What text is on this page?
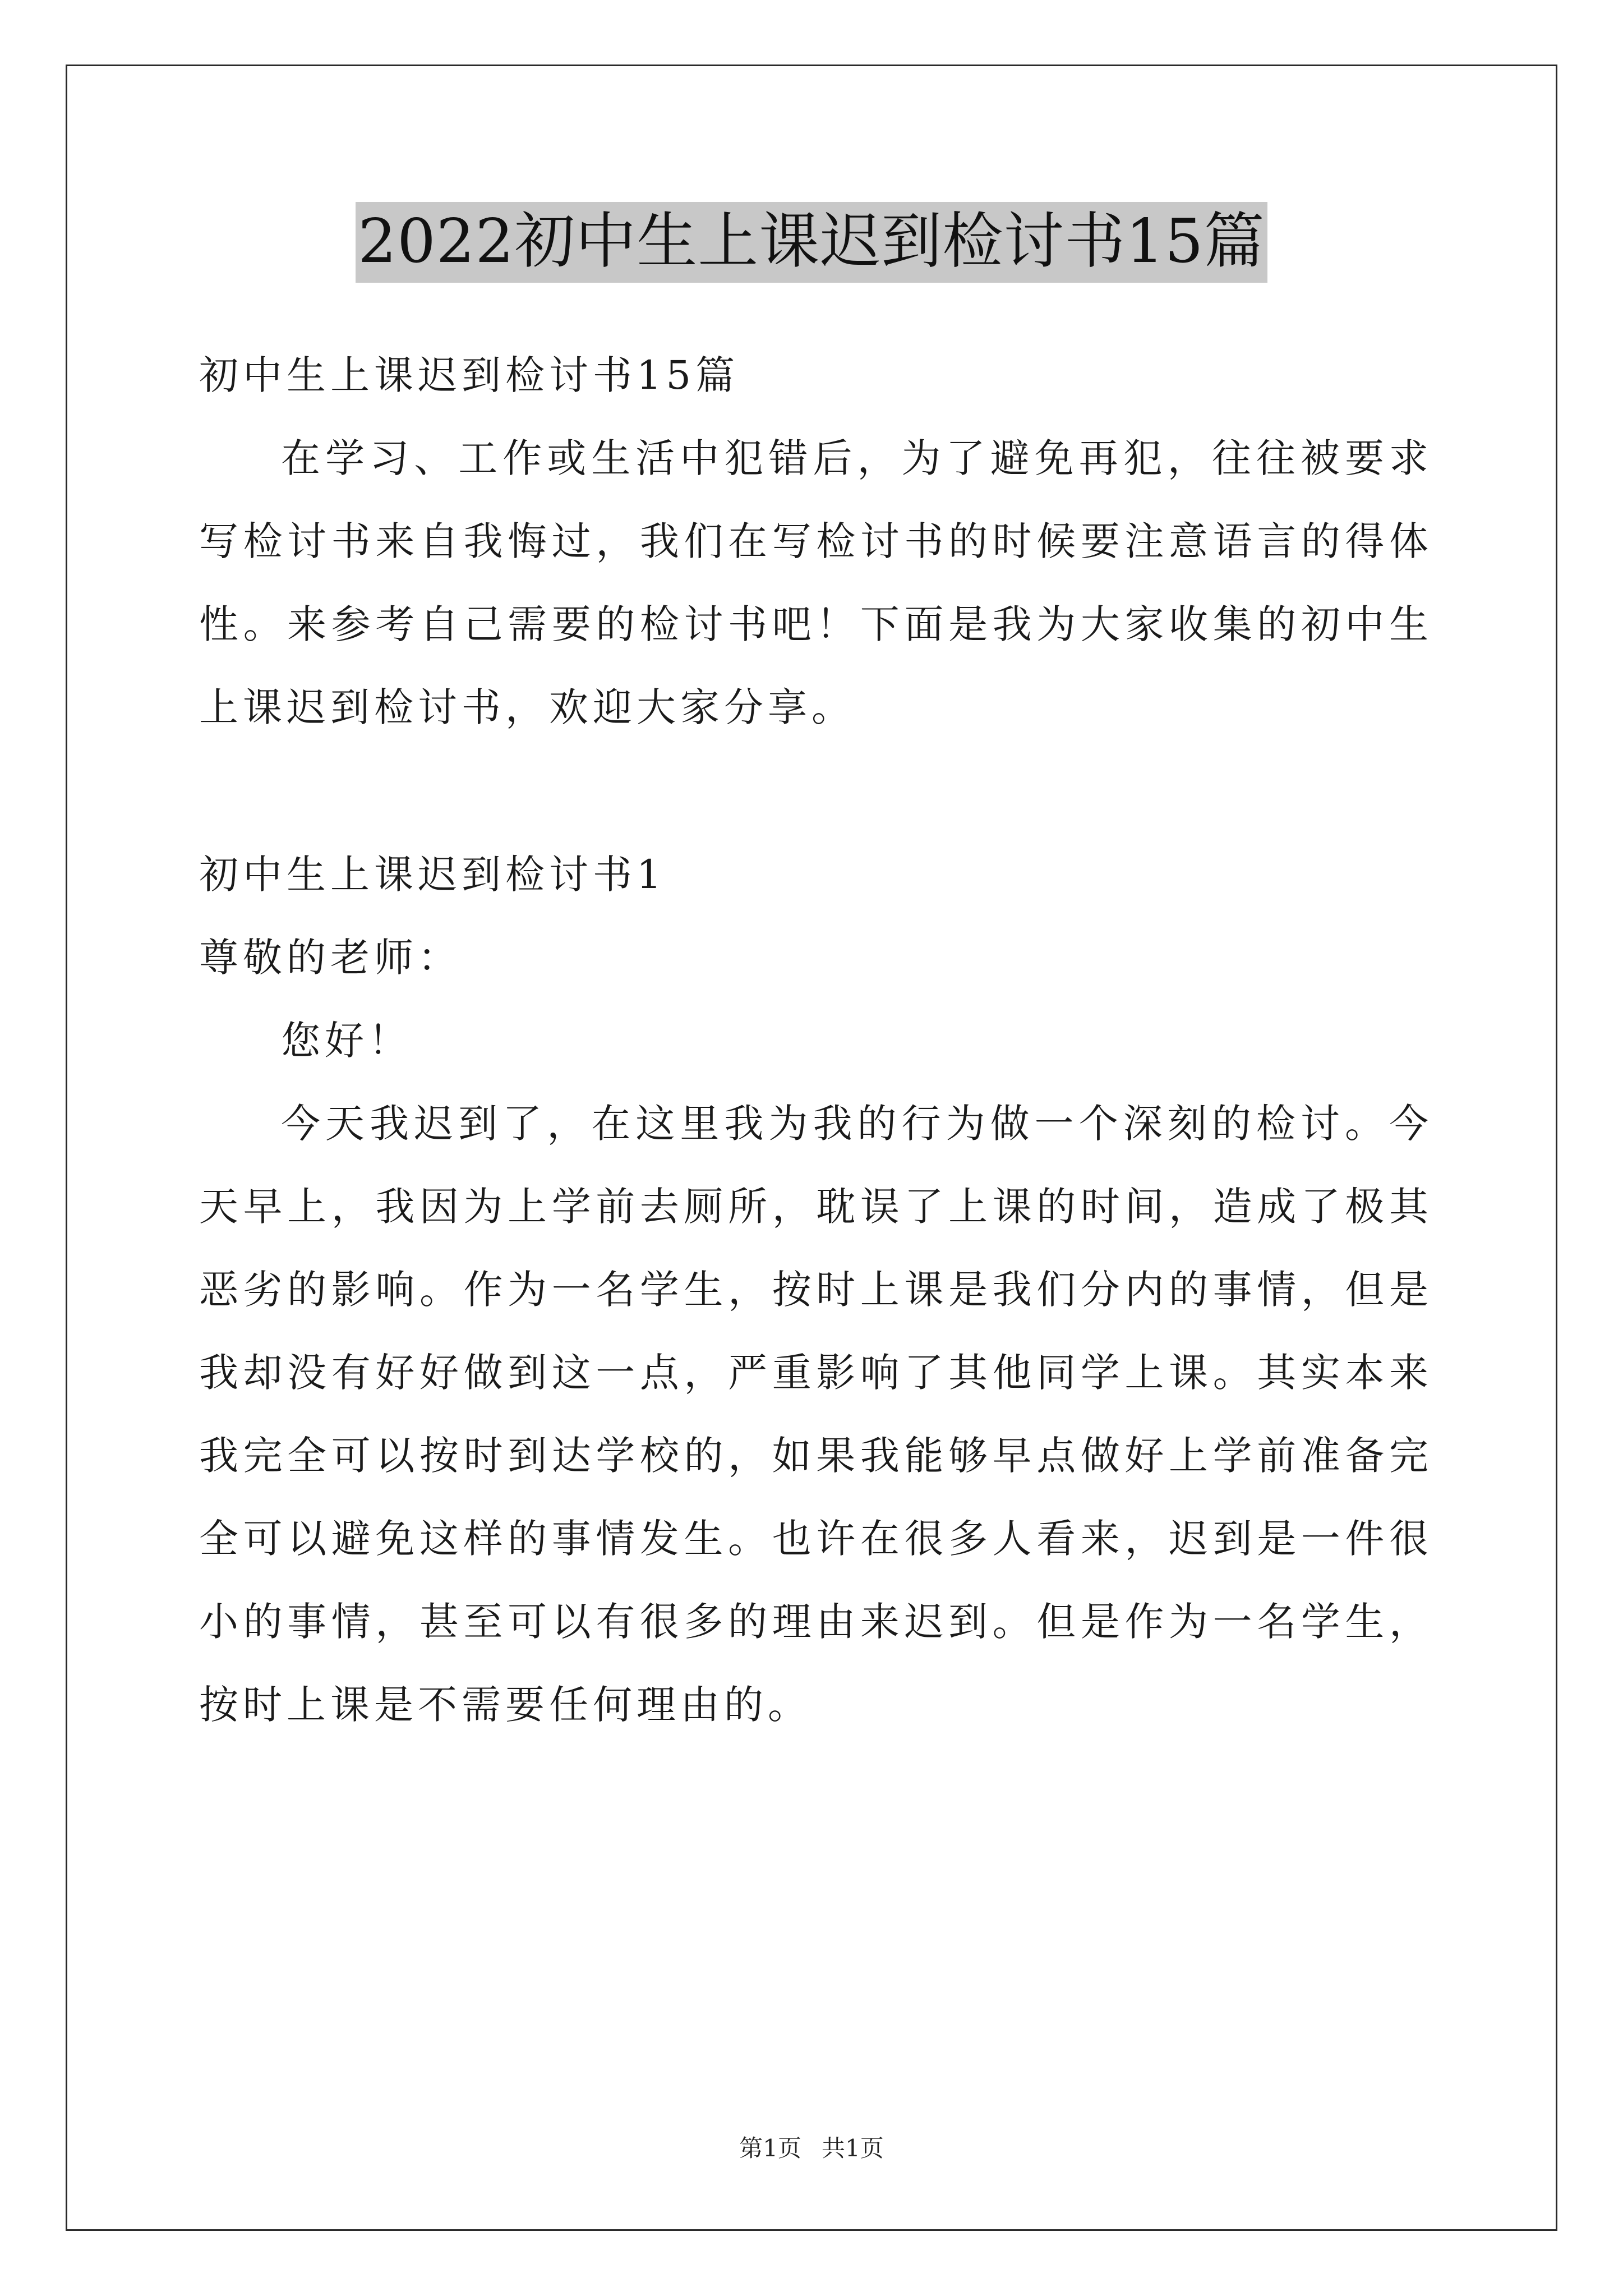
2022初中生上课迟到检讨书15篇

初中生上课迟到检讨书15篇

在学习、工作或生活中犯错后，为了避免再犯，往往被要求写检讨书来自我悔过，我们在写检讨书的时候要注意语言的得体性。来参考自己需要的检讨书吧！下面是我为大家收集的初中生上课迟到检讨书，欢迎大家分享。

初中生上课迟到检讨书1

尊敬的老师：

您好！

今天我迟到了，在这里我为我的行为做一个深刻的检讨。今天早上，我因为上学前去厕所，耽误了上课的时间，造成了极其恶劣的影响。作为一名学生，按时上课是我们分内的事情，但是我却没有好好做到这一点，严重影响了其他同学上课。其实本来我完全可以按时到达学校的，如果我能够早点做好上学前准备完全可以避免这样的事情发生。也许在很多人看来，迟到是一件很小的事情，甚至可以有很多的理由来迟到。但是作为一名学生，按时上课是不需要任何理由的。

第1页 共1页
